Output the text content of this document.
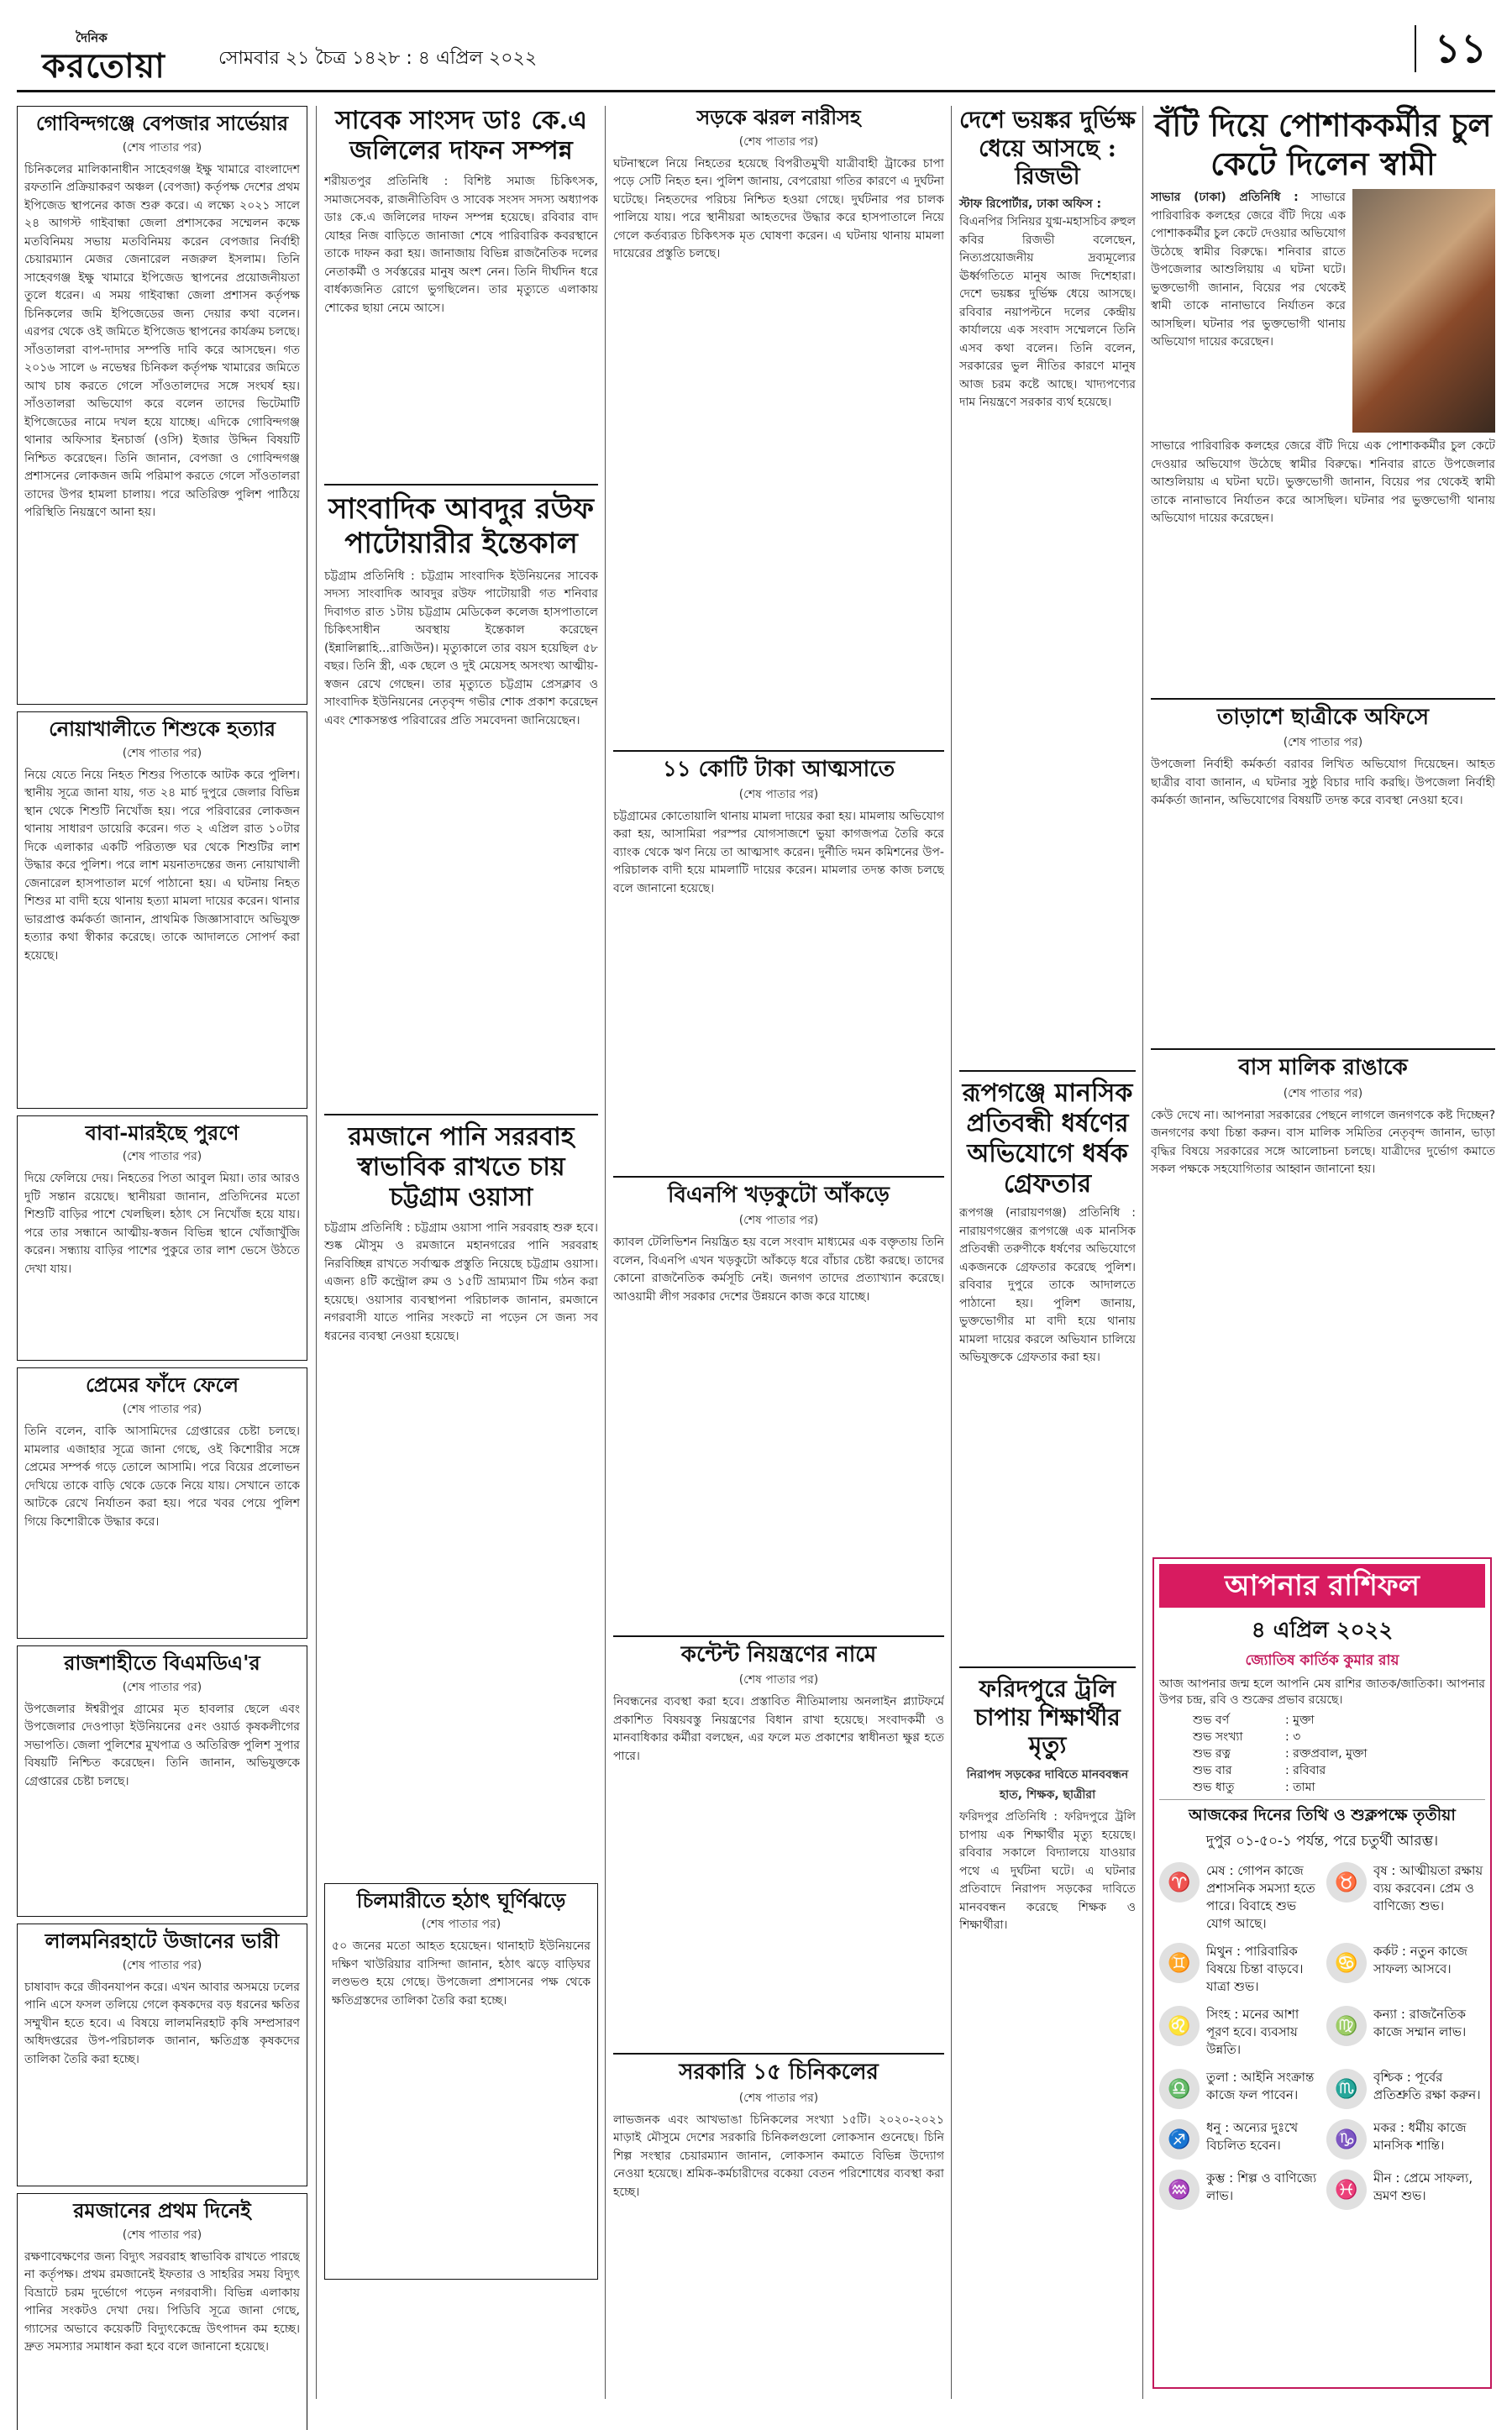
দৈনিক
করতোয়া	সোমবার ২১ চৈত্র ১৪২৮ : ৪ এপ্রিল ২০২২	১১
গোবিন্দগঞ্জে বেপজার সার্ভেয়ার
(শেষ পাতার পর)
চিনিকলের মালিকানাধীন সাহেবগঞ্জ ইক্ষু খামারে বাংলাদেশ রফতানি প্রক্রিয়াকরণ অঞ্চল (বেপজা) কর্তৃপক্ষ দেশের প্রথম ইপিজেড স্থাপনের কাজ শুরু করে। এ লক্ষ্যে ২০২১ সালে ২৪ আগস্ট গাইবান্ধা জেলা প্রশাসকের সম্মেলন কক্ষে মতবিনিময় সভায় মতবিনিময় করেন বেপজার নির্বাহী চেয়ারম্যান মেজর জেনারেল নজরুল ইসলাম। তিনি সাহেবগঞ্জ ইক্ষু খামারে ইপিজেড স্থাপনের প্রয়োজনীয়তা তুলে ধরেন। এ সময় গাইবান্ধা জেলা প্রশাসন কর্তৃপক্ষ চিনিকলের জমি ইপিজেডের জন্য দেয়ার কথা বলেন। এরপর থেকে ওই জমিতে ইপিজেড স্থাপনের কার্যক্রম চলছে। সাঁওতালরা বাপ-দাদার সম্পত্তি দাবি করে আসছেন। গত ২০১৬ সালে ৬ নভেম্বর চিনিকল কর্তৃপক্ষ খামারের জমিতে আখ চাষ করতে গেলে সাঁওতালদের সঙ্গে সংঘর্ষ হয়। সাঁওতালরা অভিযোগ করে বলেন তাদের ভিটেমাটি ইপিজেডের নামে দখল হয়ে যাচ্ছে। এদিকে গোবিন্দগঞ্জ থানার অফিসার ইনচার্জ (ওসি) ইজার উদ্দিন বিষয়টি নিশ্চিত করেছেন। তিনি জানান, বেপজা ও গোবিন্দগঞ্জ প্রশাসনের লোকজন জমি পরিমাপ করতে গেলে সাঁওতালরা তাদের উপর হামলা চালায়। পরে অতিরিক্ত পুলিশ পাঠিয়ে পরিস্থিতি নিয়ন্ত্রণে আনা হয়।
নোয়াখালীতে শিশুকে হত্যার
(শেষ পাতার পর)
নিয়ে যেতে নিয়ে নিহত শিশুর পিতাকে আটক করে পুলিশ। স্থানীয় সূত্রে জানা যায়, গত ২৪ মার্চ দুপুরে জেলার বিভিন্ন স্থান থেকে শিশুটি নিখোঁজ হয়। পরে পরিবারের লোকজন থানায় সাধারণ ডায়েরি করেন। গত ২ এপ্রিল রাত ১০টার দিকে এলাকার একটি পরিত্যক্ত ঘর থেকে শিশুটির লাশ উদ্ধার করে পুলিশ। পরে লাশ ময়নাতদন্তের জন্য নোয়াখালী জেনারেল হাসপাতাল মর্গে পাঠানো হয়। এ ঘটনায় নিহত শিশুর মা বাদী হয়ে থানায় হত্যা মামলা দায়ের করেন। থানার ভারপ্রাপ্ত কর্মকর্তা জানান, প্রাথমিক জিজ্ঞাসাবাদে অভিযুক্ত হত্যার কথা স্বীকার করেছে। তাকে আদালতে সোপর্দ করা হয়েছে।
বাবা-মারইছে পুরণে
(শেষ পাতার পর)
দিয়ে ফেলিয়ে দেয়। নিহতের পিতা আবুল মিয়া। তার আরও দুটি সন্তান রয়েছে। স্থানীয়রা জানান, প্রতিদিনের মতো শিশুটি বাড়ির পাশে খেলছিল। হঠাৎ সে নিখোঁজ হয়ে যায়। পরে তার সন্ধানে আত্মীয়-স্বজন বিভিন্ন স্থানে খোঁজাখুঁজি করেন। সন্ধ্যায় বাড়ির পাশের পুকুরে তার লাশ ভেসে উঠতে দেখা যায়।
প্রেমের ফাঁদে ফেলে
(শেষ পাতার পর)
তিনি বলেন, বাকি আসামিদের গ্রেপ্তারের চেষ্টা চলছে। মামলার এজাহার সূত্রে জানা গেছে, ওই কিশোরীর সঙ্গে প্রেমের সম্পর্ক গড়ে তোলে আসামি। পরে বিয়ের প্রলোভন দেখিয়ে তাকে বাড়ি থেকে ডেকে নিয়ে যায়। সেখানে তাকে আটকে রেখে নির্যাতন করা হয়। পরে খবর পেয়ে পুলিশ গিয়ে কিশোরীকে উদ্ধার করে।
রাজশাহীতে বিএমডিএ'র
(শেষ পাতার পর)
উপজেলার ঈশ্বরীপুর গ্রামের মৃত হাবলার ছেলে এবং উপজেলার দেওপাড়া ইউনিয়নের ৫নং ওয়ার্ড কৃষকলীগের সভাপতি। জেলা পুলিশের মুখপাত্র ও অতিরিক্ত পুলিশ সুপার বিষয়টি নিশ্চিত করেছেন। তিনি জানান, অভিযুক্তকে গ্রেপ্তারের চেষ্টা চলছে।
লালমনিরহাটে উজানের ভারী
(শেষ পাতার পর)
চাষাবাদ করে জীবনযাপন করে। এখন আবার অসময়ে ঢলের পানি এসে ফসল তলিয়ে গেলে কৃষকদের বড় ধরনের ক্ষতির সম্মুখীন হতে হবে। এ বিষয়ে লালমনিরহাট কৃষি সম্প্রসারণ অধিদপ্তরের উপ-পরিচালক জানান, ক্ষতিগ্রস্ত কৃষকদের তালিকা তৈরি করা হচ্ছে।
রমজানের প্রথম দিনেই
(শেষ পাতার পর)
রক্ষণাবেক্ষণের জন্য বিদ্যুৎ সরবরাহ স্বাভাবিক রাখতে পারছে না কর্তৃপক্ষ। প্রথম রমজানেই ইফতার ও সাহরির সময় বিদ্যুৎ বিভ্রাটে চরম দুর্ভোগে পড়েন নগরবাসী। বিভিন্ন এলাকায় পানির সংকটও দেখা দেয়। পিডিবি সূত্রে জানা গেছে, গ্যাসের অভাবে কয়েকটি বিদ্যুৎকেন্দ্রে উৎপাদন কম হচ্ছে। দ্রুত সমস্যার সমাধান করা হবে বলে জানানো হয়েছে।
সাবেক সাংসদ ডাঃ কে.এ জলিলের দাফন সম্পন্ন
শরীয়তপুর প্রতিনিধি : বিশিষ্ট সমাজ চিকিৎসক, সমাজসেবক, রাজনীতিবিদ ও সাবেক সংসদ সদস্য অধ্যাপক ডাঃ কে.এ জলিলের দাফন সম্পন্ন হয়েছে। রবিবার বাদ যোহর নিজ বাড়িতে জানাজা শেষে পারিবারিক কবরস্থানে তাকে দাফন করা হয়। জানাজায় বিভিন্ন রাজনৈতিক দলের নেতাকর্মী ও সর্বস্তরের মানুষ অংশ নেন। তিনি দীর্ঘদিন ধরে বার্ধক্যজনিত রোগে ভুগছিলেন। তার মৃত্যুতে এলাকায় শোকের ছায়া নেমে আসে।
সাংবাদিক আবদুর রউফ পাটোয়ারীর ইন্তেকাল
চট্টগ্রাম প্রতিনিধি : চট্টগ্রাম সাংবাদিক ইউনিয়নের সাবেক সদস্য সাংবাদিক আবদুর রউফ পাটোয়ারী গত শনিবার দিবাগত রাত ১টায় চট্টগ্রাম মেডিকেল কলেজ হাসপাতালে চিকিৎসাধীন অবস্থায় ইন্তেকাল করেছেন (ইন্নালিল্লাহি...রাজিউন)। মৃত্যুকালে তার বয়স হয়েছিল ৫৮ বছর। তিনি স্ত্রী, এক ছেলে ও দুই মেয়েসহ অসংখ্য আত্মীয়-স্বজন রেখে গেছেন। তার মৃত্যুতে চট্টগ্রাম প্রেসক্লাব ও সাংবাদিক ইউনিয়নের নেতৃবৃন্দ গভীর শোক প্রকাশ করেছেন এবং শোকসন্তপ্ত পরিবারের প্রতি সমবেদনা জানিয়েছেন।
রমজানে পানি সররবাহ স্বাভাবিক রাখতে চায় চট্টগ্রাম ওয়াসা
চট্টগ্রাম প্রতিনিধি : চট্টগ্রাম ওয়াসা পানি সরবরাহ শুরু হবে। শুষ্ক মৌসুম ও রমজানে মহানগরের পানি সরবরাহ নিরবিচ্ছিন্ন রাখতে সর্বাত্মক প্রস্তুতি নিয়েছে চট্টগ্রাম ওয়াসা। এজন্য ৪টি কন্ট্রোল রুম ও ১৫টি ভ্রাম্যমাণ টিম গঠন করা হয়েছে। ওয়াসার ব্যবস্থাপনা পরিচালক জানান, রমজানে নগরবাসী যাতে পানির সংকটে না পড়েন সে জন্য সব ধরনের ব্যবস্থা নেওয়া হয়েছে।
চিলমারীতে হঠাৎ ঘূর্ণিঝড়ে
(শেষ পাতার পর)
৫০ জনের মতো আহত হয়েছেন। থানাহাট ইউনিয়নের দক্ষিণ খাউরিয়ার বাসিন্দা জানান, হঠাৎ ঝড়ে বাড়িঘর লণ্ডভণ্ড হয়ে গেছে। উপজেলা প্রশাসনের পক্ষ থেকে ক্ষতিগ্রস্তদের তালিকা তৈরি করা হচ্ছে।
সড়কে ঝরল নারীসহ
(শেষ পাতার পর)
ঘটনাস্থলে নিয়ে নিহতের হয়েছে বিপরীতমুখী যাত্রীবাহী ট্রাকের চাপা পড়ে সেটি নিহত হন। পুলিশ জানায়, বেপরোয়া গতির কারণে এ দুর্ঘটনা ঘটেছে। নিহতদের পরিচয় নিশ্চিত হওয়া গেছে। দুর্ঘটনার পর চালক পালিয়ে যায়। পরে স্থানীয়রা আহতদের উদ্ধার করে হাসপাতালে নিয়ে গেলে কর্তব্যরত চিকিৎসক মৃত ঘোষণা করেন। এ ঘটনায় থানায় মামলা দায়েরের প্রস্তুতি চলছে।
১১ কোটি টাকা আত্মসাতে
(শেষ পাতার পর)
চট্টগ্রামের কোতোয়ালি থানায় মামলা দায়ের করা হয়। মামলায় অভিযোগ করা হয়, আসামিরা পরস্পর যোগসাজশে ভুয়া কাগজপত্র তৈরি করে ব্যাংক থেকে ঋণ নিয়ে তা আত্মসাৎ করেন। দুর্নীতি দমন কমিশনের উপ-পরিচালক বাদী হয়ে মামলাটি দায়ের করেন। মামলার তদন্ত কাজ চলছে বলে জানানো হয়েছে।
বিএনপি খড়কুটো আঁকড়ে
(শেষ পাতার পর)
ক্যাবল টেলিভিশন নিয়ন্ত্রিত হয় বলে সংবাদ মাধ্যমের এক বক্তৃতায় তিনি বলেন, বিএনপি এখন খড়কুটো আঁকড়ে ধরে বাঁচার চেষ্টা করছে। তাদের কোনো রাজনৈতিক কর্মসূচি নেই। জনগণ তাদের প্রত্যাখ্যান করেছে। আওয়ামী লীগ সরকার দেশের উন্নয়নে কাজ করে যাচ্ছে।
কন্টেন্ট নিয়ন্ত্রণের নামে
(শেষ পাতার পর)
নিবন্ধনের ব্যবস্থা করা হবে। প্রস্তাবিত নীতিমালায় অনলাইন প্ল্যাটফর্মে প্রকাশিত বিষয়বস্তু নিয়ন্ত্রণের বিধান রাখা হয়েছে। সংবাদকর্মী ও মানবাধিকার কর্মীরা বলছেন, এর ফলে মত প্রকাশের স্বাধীনতা ক্ষুণ্ণ হতে পারে।
সরকারি ১৫ চিনিকলের
(শেষ পাতার পর)
লাভজনক এবং আখভাঙা চিনিকলের সংখ্যা ১৫টি। ২০২০-২০২১ মাড়াই মৌসুমে দেশের সরকারি চিনিকলগুলো লোকসান গুনেছে। চিনি শিল্প সংস্থার চেয়ারম্যান জানান, লোকসান কমাতে বিভিন্ন উদ্যোগ নেওয়া হয়েছে। শ্রমিক-কর্মচারীদের বকেয়া বেতন পরিশোধের ব্যবস্থা করা হচ্ছে।
দেশে ভয়ঙ্কর দুর্ভিক্ষ ধেয়ে আসছে : রিজভী
স্টাফ রিপোর্টার, ঢাকা অফিস :
বিএনপির সিনিয়র যুগ্ম-মহাসচিব রুহুল কবির রিজভী বলেছেন, নিত্যপ্রয়োজনীয় দ্রব্যমূল্যের ঊর্ধ্বগতিতে মানুষ আজ দিশেহারা। দেশে ভয়ঙ্কর দুর্ভিক্ষ ধেয়ে আসছে। রবিবার নয়াপল্টনে দলের কেন্দ্রীয় কার্যালয়ে এক সংবাদ সম্মেলনে তিনি এসব কথা বলেন। তিনি বলেন, সরকারের ভুল নীতির কারণে মানুষ আজ চরম কষ্টে আছে। খাদ্যপণ্যের দাম নিয়ন্ত্রণে সরকার ব্যর্থ হয়েছে।
রূপগঞ্জে মানসিক প্রতিবন্ধী ধর্ষণের অভিযোগে ধর্ষক গ্রেফতার
রূপগঞ্জ (নারায়ণগঞ্জ) প্রতিনিধি : নারায়ণগঞ্জের রূপগঞ্জে এক মানসিক প্রতিবন্ধী তরুণীকে ধর্ষণের অভিযোগে একজনকে গ্রেফতার করেছে পুলিশ। রবিবার দুপুরে তাকে আদালতে পাঠানো হয়। পুলিশ জানায়, ভুক্তভোগীর মা বাদী হয়ে থানায় মামলা দায়ের করলে অভিযান চালিয়ে অভিযুক্তকে গ্রেফতার করা হয়।
ফরিদপুরে ট্রলি চাপায় শিক্ষার্থীর মৃত্যু
নিরাপদ সড়কের দাবিতে মানববন্ধন হাত, শিক্ষক, ছাত্রীরা
ফরিদপুর প্রতিনিধি : ফরিদপুরে ট্রলি চাপায় এক শিক্ষার্থীর মৃত্যু হয়েছে। রবিবার সকালে বিদ্যালয়ে যাওয়ার পথে এ দুর্ঘটনা ঘটে। এ ঘটনার প্রতিবাদে নিরাপদ সড়কের দাবিতে মানববন্ধন করেছে শিক্ষক ও শিক্ষার্থীরা।
বঁটি দিয়ে পোশাককর্মীর চুল কেটে দিলেন স্বামী
সাভার (ঢাকা) প্রতিনিধি : সাভারে পারিবারিক কলহের জেরে বঁটি দিয়ে এক পোশাককর্মীর চুল কেটে দেওয়ার অভিযোগ উঠেছে স্বামীর বিরুদ্ধে। শনিবার রাতে উপজেলার আশুলিয়ায় এ ঘটনা ঘটে। ভুক্তভোগী জানান, বিয়ের পর থেকেই স্বামী তাকে নানাভাবে নির্যাতন করে আসছিল। ঘটনার পর ভুক্তভোগী থানায় অভিযোগ দায়ের করেছেন।
সাভারে পারিবারিক কলহের জেরে বঁটি দিয়ে এক পোশাককর্মীর চুল কেটে দেওয়ার অভিযোগ উঠেছে স্বামীর বিরুদ্ধে। শনিবার রাতে উপজেলার আশুলিয়ায় এ ঘটনা ঘটে। ভুক্তভোগী জানান, বিয়ের পর থেকেই স্বামী তাকে নানাভাবে নির্যাতন করে আসছিল। ঘটনার পর ভুক্তভোগী থানায় অভিযোগ দায়ের করেছেন।
তাড়াশে ছাত্রীকে অফিসে
(শেষ পাতার পর)
উপজেলা নির্বাহী কর্মকর্তা বরাবর লিখিত অভিযোগ দিয়েছেন। আহত ছাত্রীর বাবা জানান, এ ঘটনার সুষ্ঠু বিচার দাবি করছি। উপজেলা নির্বাহী কর্মকর্তা জানান, অভিযোগের বিষয়টি তদন্ত করে ব্যবস্থা নেওয়া হবে।
বাস মালিক রাঙাকে
(শেষ পাতার পর)
কেউ দেখে না। আপনারা সরকারের পেছনে লাগলে জনগণকে কষ্ট দিচ্ছেন? জনগণের কথা চিন্তা করুন। বাস মালিক সমিতির নেতৃবৃন্দ জানান, ভাড়া বৃদ্ধির বিষয়ে সরকারের সঙ্গে আলোচনা চলছে। যাত্রীদের দুর্ভোগ কমাতে সকল পক্ষকে সহযোগিতার আহ্বান জানানো হয়।
আপনার রাশিফল
৪ এপ্রিল ২০২২
জ্যোতিষ কার্তিক কুমার রায়
আজ আপনার জন্ম হলে আপনি মেষ রাশির জাতক/জাতিকা। আপনার উপর চন্দ্র, রবি ও শুক্রের প্রভাব রয়েছে।
শুভ বর্ণ	: মুক্তা
শুভ সংখ্যা	: ৩
শুভ রত্ন	: রক্তপ্রবাল, মুক্তা
শুভ বার	: রবিবার
শুভ ধাতু	: তামা
আজকের দিনের তিথি ও শুক্লপক্ষে তৃতীয়া
দুপুর ০১-৫০-১ পর্যন্ত, পরে চতুর্থী আরম্ভ।
♈
মেষ : গোপন কাজে প্রশাসনিক সমস্যা হতে পারে। বিবাহে শুভ যোগ আছে।
♉
বৃষ : আত্মীয়তা রক্ষায় ব্যয় করবেন। প্রেম ও বাণিজ্যে শুভ।
♊
মিথুন : পারিবারিক বিষয়ে চিন্তা বাড়বে। যাত্রা শুভ।
♋
কর্কট : নতুন কাজে সাফল্য আসবে।
♌
সিংহ : মনের আশা পূরণ হবে। ব্যবসায় উন্নতি।
♍
কন্যা : রাজনৈতিক কাজে সম্মান লাভ।
♎
তুলা : আইনি সংক্রান্ত কাজে ফল পাবেন।	♏
বৃশ্চিক : পূর্বের প্রতিশ্রুতি রক্ষা করুন।
♐
ধনু : অন্যের দুঃখে বিচলিত হবেন।	♑
মকর : ধর্মীয় কাজে মানসিক শান্তি।
♒
কুম্ভ : শিল্প ও বাণিজ্যে লাভ।	♓
মীন : প্রেমে সাফল্য, ভ্রমণ শুভ।
